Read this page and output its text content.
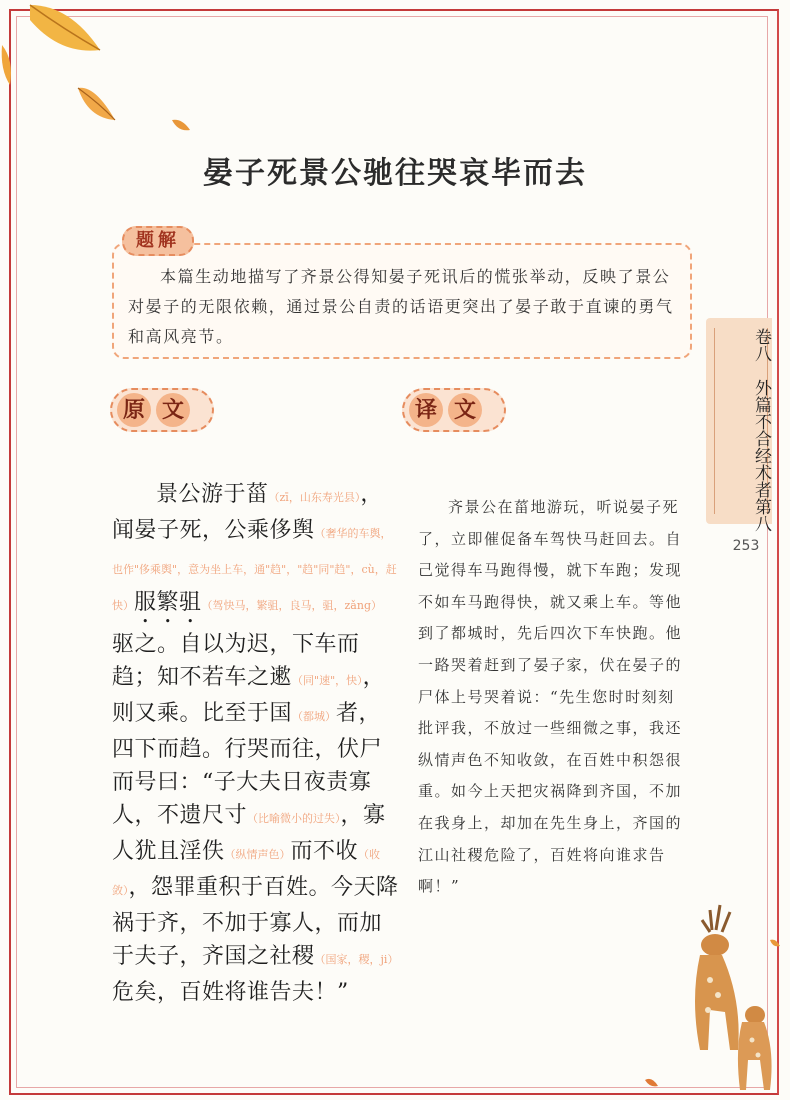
晏子死景公驰往哭哀毕而去
题解
本篇生动地描写了齐景公得知晏子死讯后的慌张举动，反映了景公对晏子的无限依赖，通过景公自责的话语更突出了晏子敢于直谏的勇气和高风亮节。
原 文	译 文
景公游于菑（zī，山东寿光县），闻晏子死，公乘侈舆（奢华的车舆，也作"侈乘舆"，意为坐上车，通"趋"，"趋"同"趋"，cù，赶快）服繁驵（驾快马，繁驵，良马，驵，zǎng）驱之。自以为迟，下车而趋；知不若车之遬（同"速"，快），则又乘。比至于国（都城）者，四下而趋。行哭而往，伏尸而号曰：“子大夫日夜责寡人，不遗尺寸（比喻微小的过失），寡人犹且淫佚（纵情声色）而不收（收敛），怨罪重积于百姓。今天降祸于齐，不加于寡人，而加于夫子，齐国之社稷（国家，稷，ji）危矣，百姓将谁告夫！”
齐景公在菑地游玩，听说晏子死了，立即催促备车驾快马赶回去。自己觉得车马跑得慢，就下车跑；发现不如车马跑得快，就又乘上车。等他到了都城时，先后四次下车快跑。他一路哭着赶到了晏子家，伏在晏子的尸体上号哭着说：“先生您时时刻刻批评我，不放过一些细微之事，我还纵情声色不知收敛，在百姓中积怨很重。如今上天把灾祸降到齐国，不加在我身上，却加在先生身上，齐国的江山社稷危险了，百姓将向谁求告啊！”
卷八　外篇不合经术者第八
253
